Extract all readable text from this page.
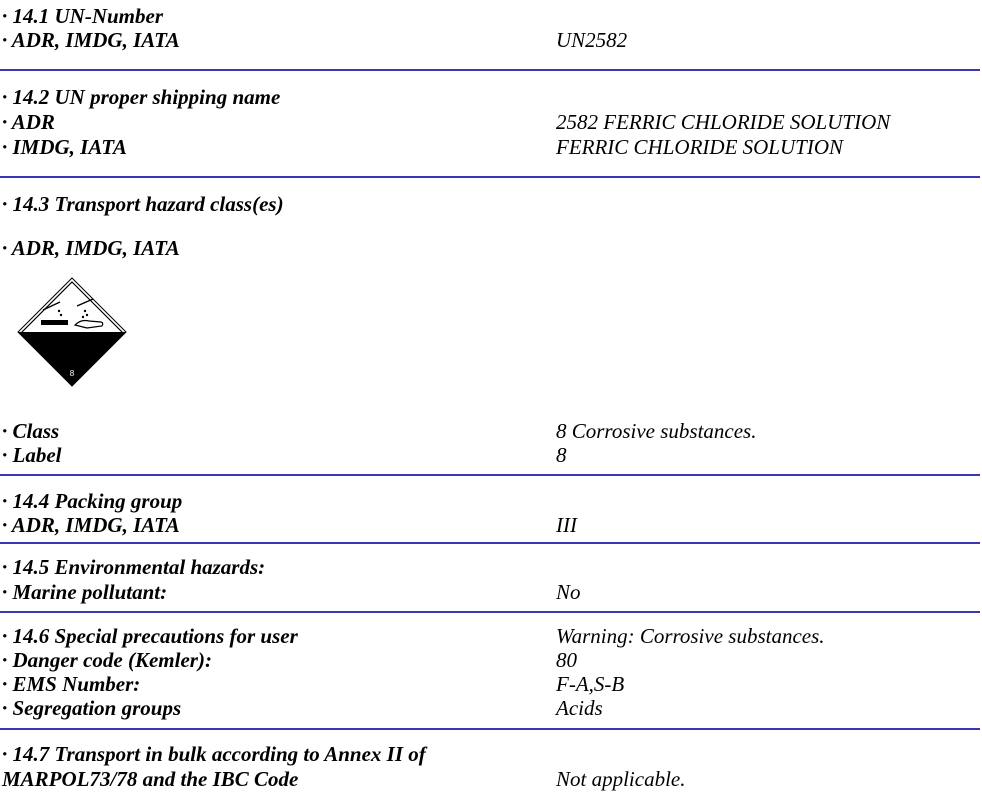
· 14.1 UN-Number
· ADR, IMDG, IATA	UN2582
· 14.2 UN proper shipping name
· ADR	2582 FERRIC CHLORIDE SOLUTION
· IMDG, IATA	FERRIC CHLORIDE SOLUTION
· 14.3 Transport hazard class(es)
· ADR, IMDG, IATA
8
· Class	8 Corrosive substances.
· Label	8
· 14.4 Packing group
· ADR, IMDG, IATA	III
· 14.5 Environmental hazards:
· Marine pollutant:	No
· 14.6 Special precautions for user	Warning: Corrosive substances.
· Danger code (Kemler):	80
· EMS Number:	F-A,S-B
· Segregation groups	Acids
· 14.7 Transport in bulk according to Annex II of
MARPOL73/78 and the IBC Code	Not applicable.
